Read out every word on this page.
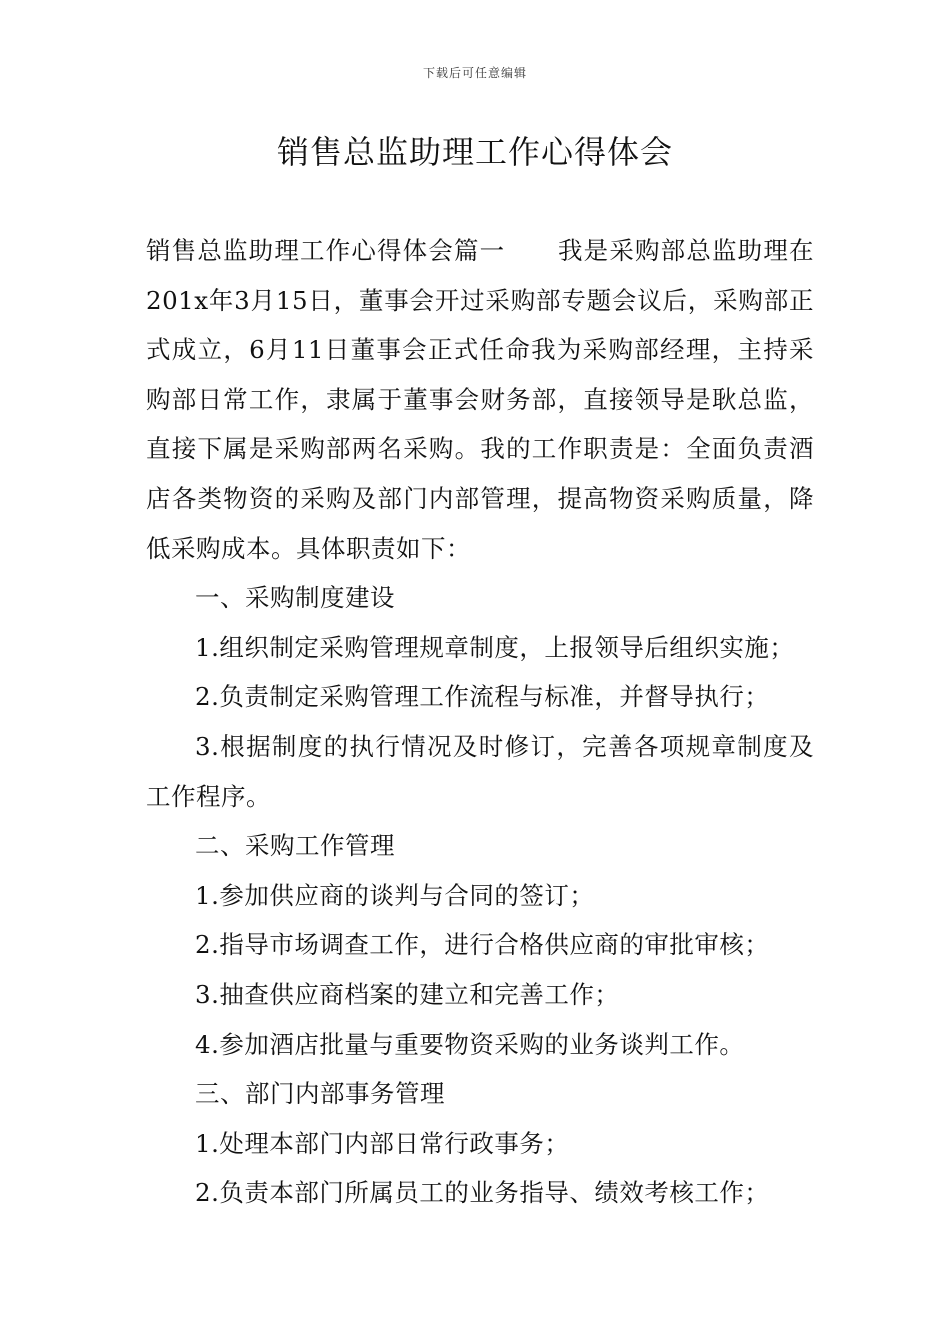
下载后可任意编辑
销售总监助理工作心得体会

销售总监助理工作心得体会篇一 我是采购部总监助理在201x年3月15日，董事会开过采购部专题会议后，采购部正式成立，6月11日董事会正式任命我为采购部经理，主持采购部日常工作，隶属于董事会财务部，直接领导是耿总监，直接下属是采购部两名采购。我的工作职责是：全面负责酒店各类物资的采购及部门内部管理，提高物资采购质量，降低采购成本。具体职责如下：

一、采购制度建设

1.组织制定采购管理规章制度，上报领导后组织实施；

2.负责制定采购管理工作流程与标准，并督导执行；

3.根据制度的执行情况及时修订，完善各项规章制度及工作程序。

二、采购工作管理

1.参加供应商的谈判与合同的签订；

2.指导市场调查工作，进行合格供应商的审批审核；

3.抽查供应商档案的建立和完善工作；

4.参加酒店批量与重要物资采购的业务谈判工作。

三、部门内部事务管理

1.处理本部门内部日常行政事务；

2.负责本部门所属员工的业务指导、绩效考核工作；
